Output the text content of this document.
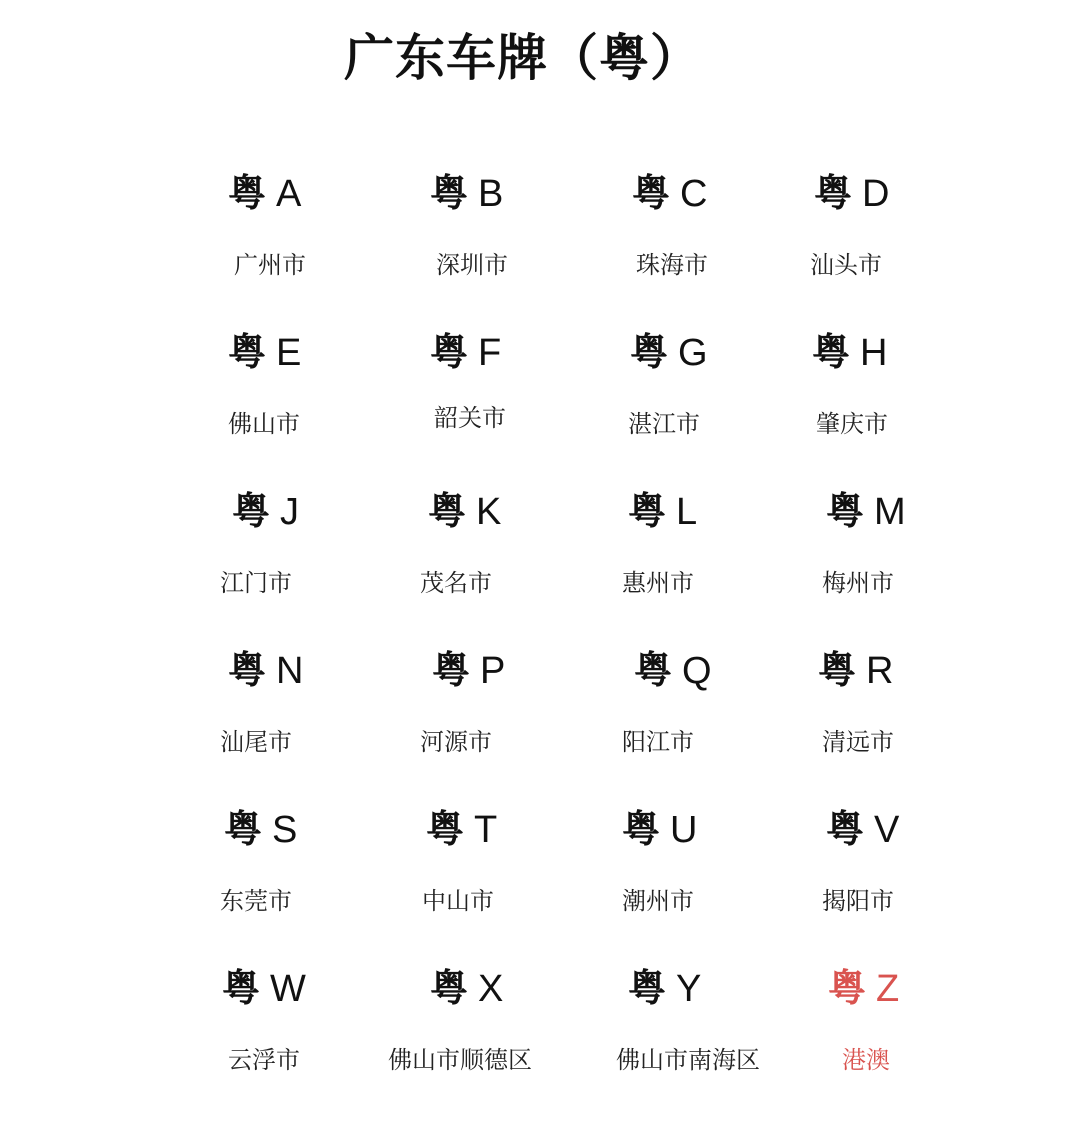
广东车牌（粤）
粤 A
广州市
粤 B
深圳市
粤 C
珠海市
粤 D
汕头市
粤 E
佛山市
粤 F
韶关市
粤 G
湛江市
粤 H
肇庆市
粤 J
江门市
粤 K
茂名市
粤 L
惠州市
粤 M
梅州市
粤 N
汕尾市
粤 P
河源市
粤 Q
阳江市
粤 R
清远市
粤 S
东莞市
粤 T
中山市
粤 U
潮州市
粤 V
揭阳市
粤 W
云浮市
粤 X
佛山市顺德区
粤 Y
佛山市南海区
粤 Z
港澳
